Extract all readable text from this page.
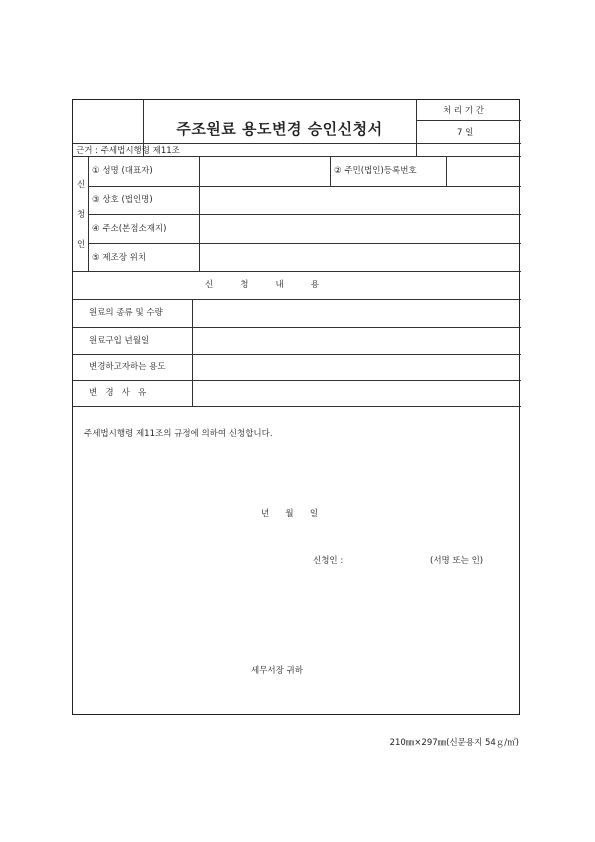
주조원료 용도변경 승인신청서
처 리 기 간
7 일
근거 : 주세법시행령 제11조
신
청
인
① 성명 (대표자)	② 주민(법인)등록번호
③ 상호 (법인명)
④ 주소(본점소재지)
⑤ 제조장 위치
신          청          내          용
원료의 종류 및 수량
원료구입 년월일
변경하고자하는 용도
변   경   사   유
주세법시행령 제11조의 규정에 의하여 신청합니다.
년      월      일
신청인 :	(서명 또는 인)
세무서장 귀하
210㎜×297㎜(신문용지 54ｇ/㎡)
